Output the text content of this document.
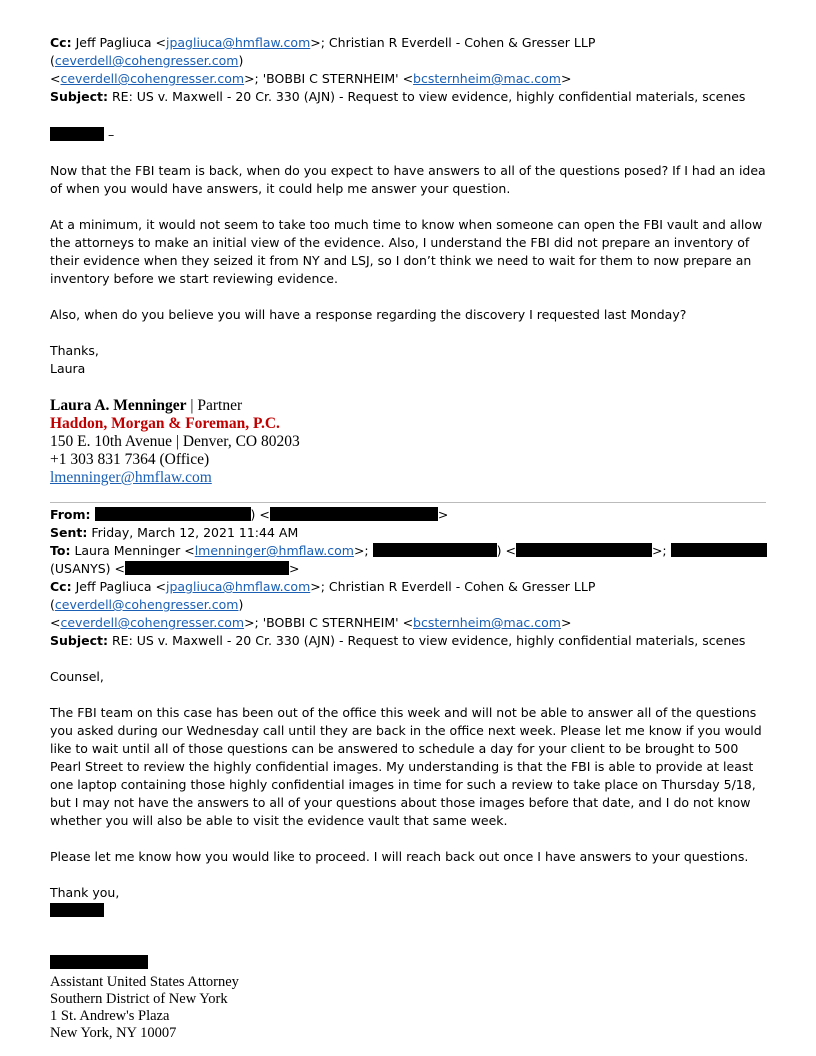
Cc: Jeff Pagliuca <jpagliuca@hmflaw.com>; Christian R Everdell - Cohen & Gresser LLP (ceverdell@cohengresser.com)
<ceverdell@cohengresser.com>; 'BOBBI C STERNHEIM' <bcsternheim@mac.com>
Subject: RE: US v. Maxwell - 20 Cr. 330 (AJN) - Request to view evidence, highly confidential materials, scenes
–

Now that the FBI team is back, when do you expect to have answers to all of the questions posed? If I had an idea of when you would have answers, it could help me answer your question.

At a minimum, it would not seem to take too much time to know when someone can open the FBI vault and allow the attorneys to make an initial view of the evidence. Also, I understand the FBI did not prepare an inventory of their evidence when they seized it from NY and LSJ, so I don’t think we need to wait for them to now prepare an inventory before we start reviewing evidence.

Also, when do you believe you will have a response regarding the discovery I requested last Monday?

Thanks,

Laura

Laura A. Menninger | Partner
Haddon, Morgan & Foreman, P.C.
150 E. 10th Avenue | Denver, CO 80203
+1 303 831 7364 (Office)
lmenninger@hmflaw.com
From:	) <	>
Sent: Friday, March 12, 2021 11:44 AM
To: Laura Menninger <lmenninger@hmflaw.com>;	) <	>;
(USANYS) <	>
Cc: Jeff Pagliuca <jpagliuca@hmflaw.com>; Christian R Everdell - Cohen & Gresser LLP (ceverdell@cohengresser.com)
<ceverdell@cohengresser.com>; 'BOBBI C STERNHEIM' <bcsternheim@mac.com>
Subject: RE: US v. Maxwell - 20 Cr. 330 (AJN) - Request to view evidence, highly confidential materials, scenes

Counsel,

The FBI team on this case has been out of the office this week and will not be able to answer all of the questions you asked during our Wednesday call until they are back in the office next week. Please let me know if you would like to wait until all of those questions can be answered to schedule a day for your client to be brought to 500 Pearl Street to review the highly confidential images. My understanding is that the FBI is able to provide at least one laptop containing those highly confidential images in time for such a review to take place on Thursday 5/18, but I may not have the answers to all of your questions about those images before that date, and I do not know whether you will also be able to visit the evidence vault that same week.

Please let me know how you would like to proceed. I will reach back out once I have answers to your questions.

Thank you,

Assistant United States Attorney
Southern District of New York
1 St. Andrew's Plaza
New York, NY 10007
